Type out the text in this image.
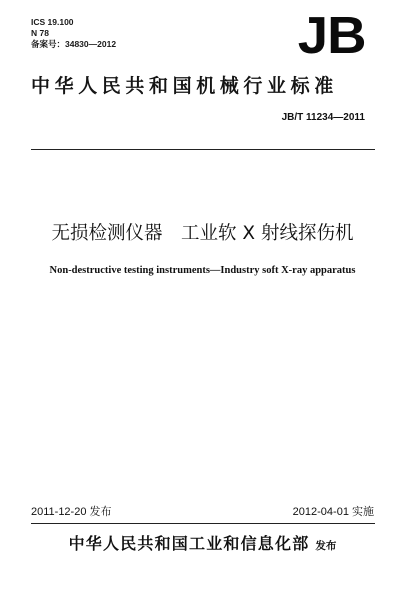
ICS 19.100
N 78
备案号：34830—2012	JB
中华人民共和国机械行业标准
JB/T 11234—2011
无损检测仪器　工业软 X 射线探伤机
Non-destructive testing instruments—Industry soft X-ray apparatus
2011-12-20 发布	2012-04-01 实施
中华人民共和国工业和信息化部 发布
